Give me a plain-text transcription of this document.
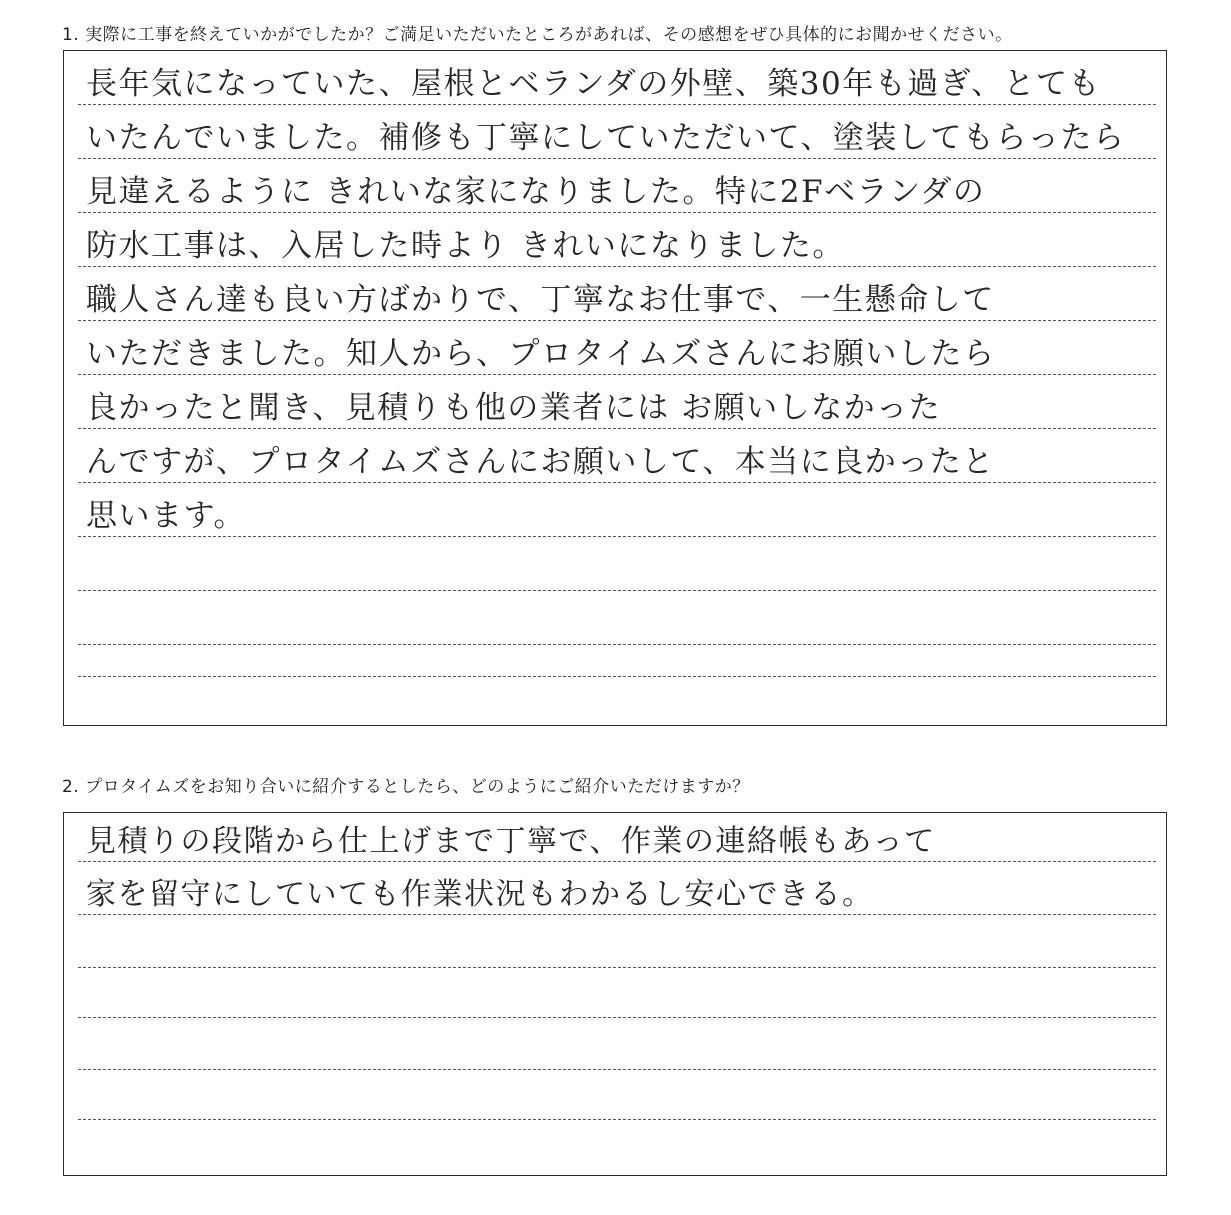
1. 実際に工事を終えていかがでしたか？ご満足いただいたところがあれば、その感想をぜひ具体的にお聞かせください。
長年気になっていた、屋根とベランダの外壁、築30年も過ぎ、とても
いたんでいました。補修も丁寧にしていただいて、塗装してもらったら
見違えるように きれいな家になりました。特に2Fベランダの
防水工事は、入居した時より きれいになりました。
職人さん達も良い方ばかりで、丁寧なお仕事で、一生懸命して
いただきました。知人から、プロタイムズさんにお願いしたら
良かったと聞き、見積りも他の業者には お願いしなかった
んですが、プロタイムズさんにお願いして、本当に良かったと
思います。
2. プロタイムズをお知り合いに紹介するとしたら、どのようにご紹介いただけますか？
見積りの段階から仕上げまで丁寧で、作業の連絡帳もあって
家を留守にしていても作業状況もわかるし安心できる。
